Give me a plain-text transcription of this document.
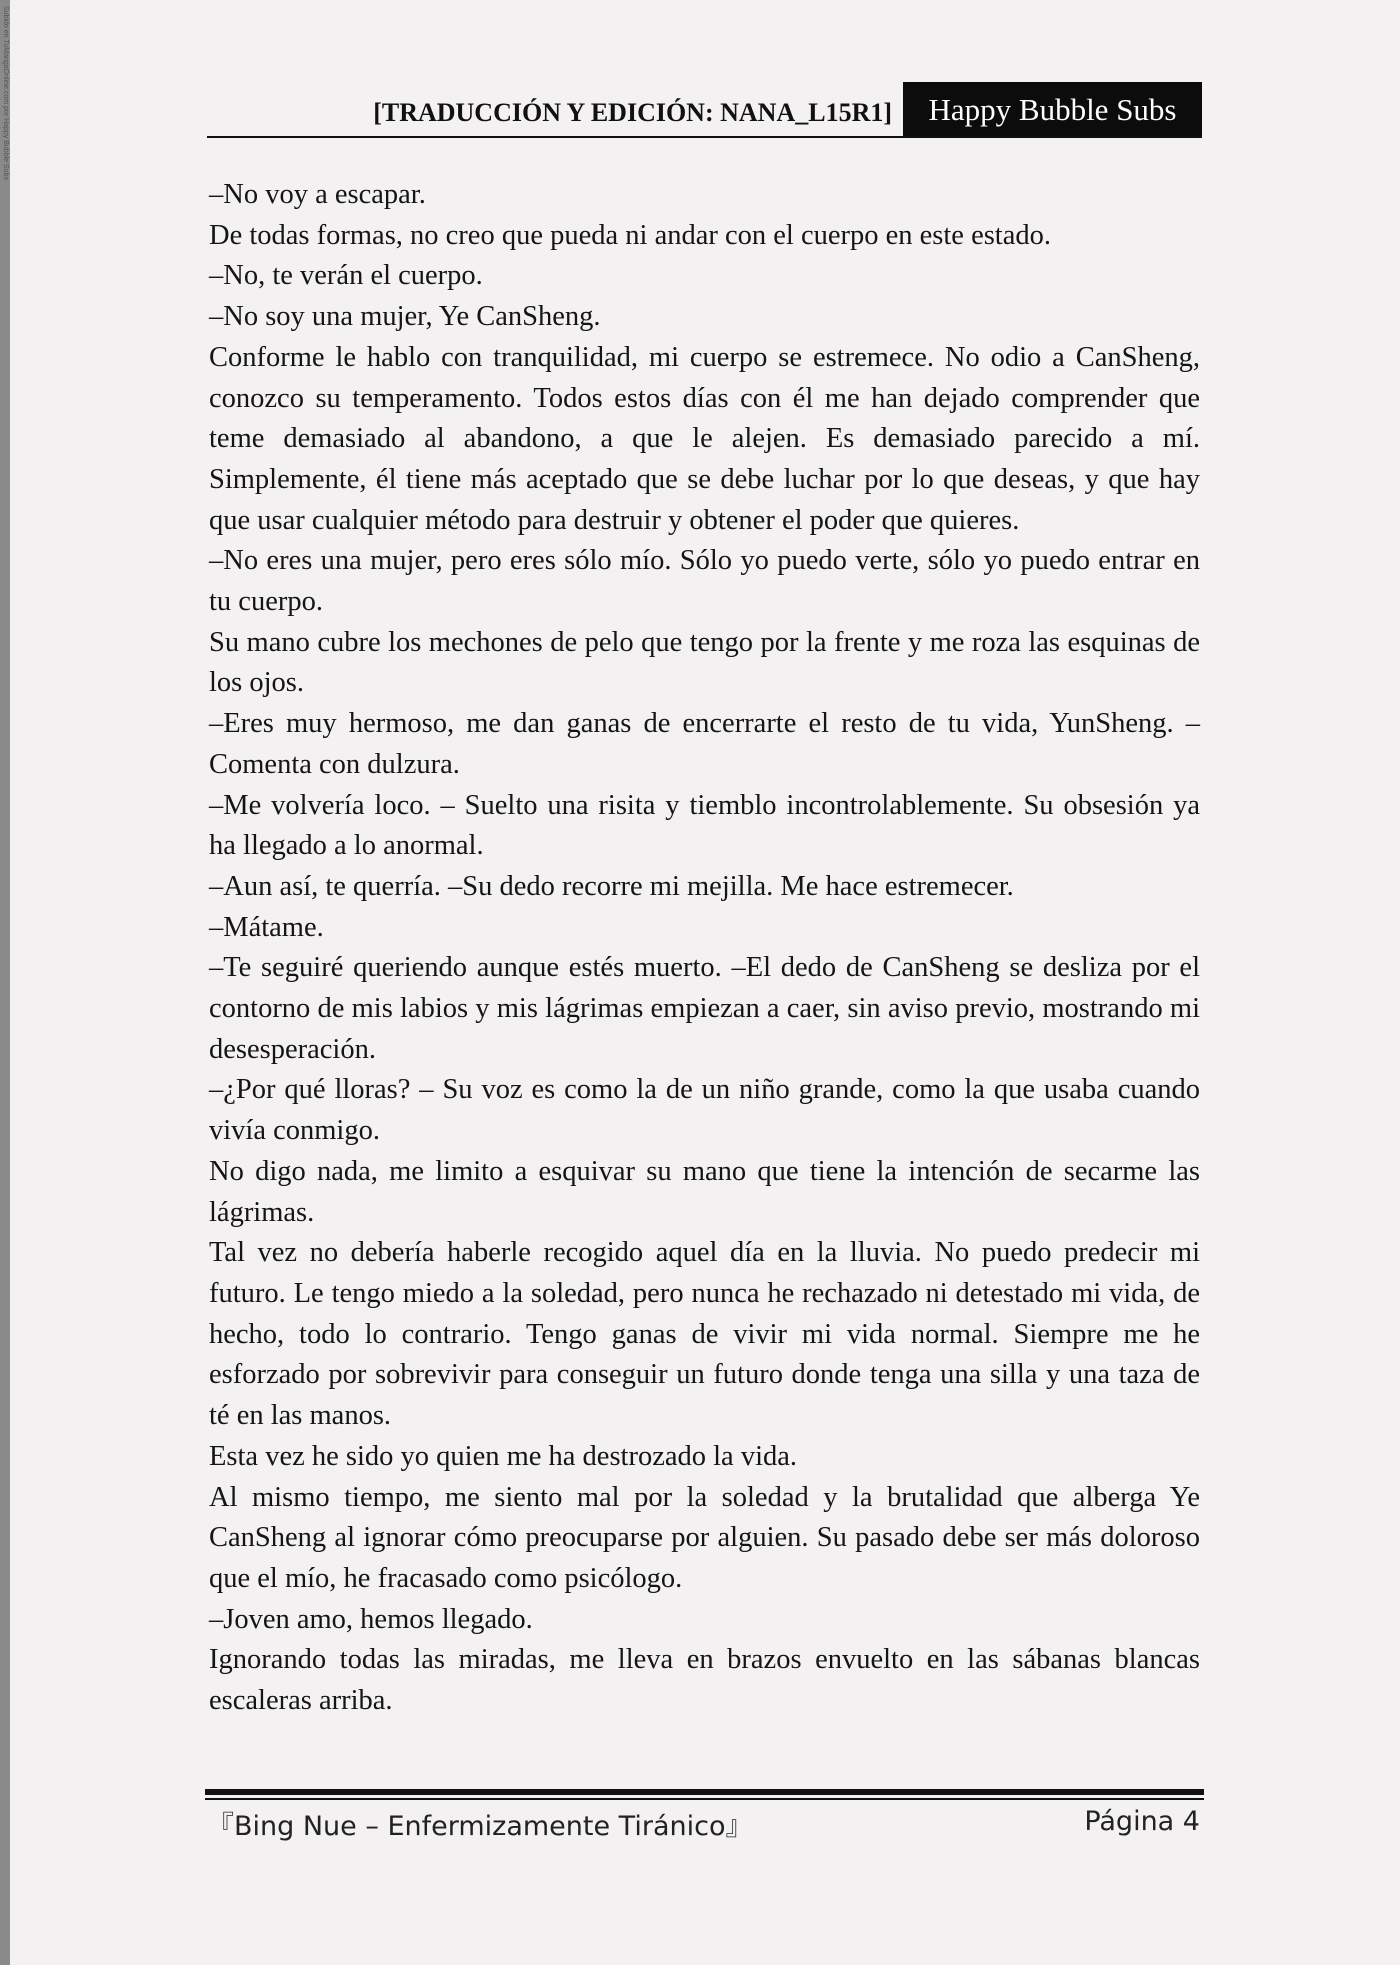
Subido en TuMangaOnline.com por Happy Bubble Subs	[TRADUCCIÓN Y EDICIÓN: NANA_L15R1] Happy Bubble Subs

–No voy a escapar.

De todas formas, no creo que pueda ni andar con el cuerpo en este estado.

–No, te verán el cuerpo.

–No soy una mujer, Ye CanSheng.

Conforme le hablo con tranquilidad, mi cuerpo se estremece. No odio a CanSheng, conozco su temperamento. Todos estos días con él me han dejado comprender que teme demasiado al abandono, a que le alejen. Es demasiado parecido a mí. Simplemente, él tiene más aceptado que se debe luchar por lo que deseas, y que hay que usar cualquier método para destruir y obtener el poder que quieres.

–No eres una mujer, pero eres sólo mío. Sólo yo puedo verte, sólo yo puedo entrar en tu cuerpo.

Su mano cubre los mechones de pelo que tengo por la frente y me roza las esquinas de los ojos.

–Eres muy hermoso, me dan ganas de encerrarte el resto de tu vida, YunSheng. –Comenta con dulzura.

–Me volvería loco. – Suelto una risita y tiemblo incontrolablemente. Su obsesión ya ha llegado a lo anormal.

–Aun así, te querría. –Su dedo recorre mi mejilla. Me hace estremecer.

–Mátame.

–Te seguiré queriendo aunque estés muerto. –El dedo de CanSheng se desliza por el contorno de mis labios y mis lágrimas empiezan a caer, sin aviso previo, mostrando mi desesperación.

–¿Por qué lloras? – Su voz es como la de un niño grande, como la que usaba cuando vivía conmigo.

No digo nada, me limito a esquivar su mano que tiene la intención de secarme las lágrimas.

Tal vez no debería haberle recogido aquel día en la lluvia. No puedo predecir mi futuro. Le tengo miedo a la soledad, pero nunca he rechazado ni detestado mi vida, de hecho, todo lo contrario. Tengo ganas de vivir mi vida normal. Siempre me he esforzado por sobrevivir para conseguir un futuro donde tenga una silla y una taza de té en las manos.

Esta vez he sido yo quien me ha destrozado la vida.

Al mismo tiempo, me siento mal por la soledad y la brutalidad que alberga Ye CanSheng al ignorar cómo preocuparse por alguien. Su pasado debe ser más doloroso que el mío, he fracasado como psicólogo.

–Joven amo, hemos llegado.

Ignorando todas las miradas, me lleva en brazos envuelto en las sábanas blancas escaleras arriba.

『Bing Nue – Enfermizamente Tiránico』	Página 4
